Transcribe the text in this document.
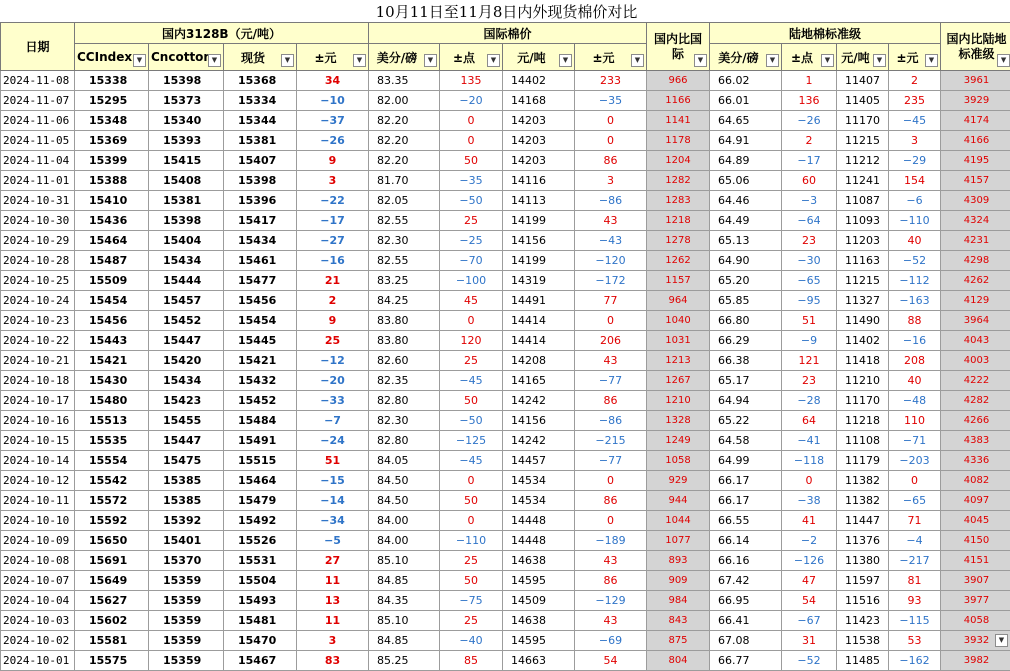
10月11日至11月8日内外现货棉价对比														
日期
▼	国内3128B（元/吨）				国际棉价				国内比国际 ▼	陆地棉标准级				国内比陆地标准级 ▼

	CCIndex ▼	Cncotton ▼	现货 ▼	±元 ▼	美分/磅 ▼	±点 ▼	元/吨 ▼	±元 ▼		美分/磅 ▼	±点 ▼	元/吨 ▼	±元 ▼	

2024-11-08	15338	15398	15368	34	83.35	135	14402	233	966	66.02	1	11407	2	3961
2024-11-07	15295	15373	15334	−10	82.00	−20	14168	−35	1166	66.01	136	11405	235	3929
2024-11-06	15348	15340	15344	−37	82.20	0	14203	0	1141	64.65	−26	11170	−45	4174
2024-11-05	15369	15393	15381	−26	82.20	0	14203	0	1178	64.91	2	11215	3	4166
2024-11-04	15399	15415	15407	9	82.20	50	14203	86	1204	64.89	−17	11212	−29	4195
2024-11-01	15388	15408	15398	3	81.70	−35	14116	3	1282	65.06	60	11241	154	4157
2024-10-31	15410	15381	15396	−22	82.05	−50	14113	−86	1283	64.46	−3	11087	−6	4309
2024-10-30	15436	15398	15417	−17	82.55	25	14199	43	1218	64.49	−64	11093	−110	4324
2024-10-29	15464	15404	15434	−27	82.30	−25	14156	−43	1278	65.13	23	11203	40	4231
2024-10-28	15487	15434	15461	−16	82.55	−70	14199	−120	1262	64.90	−30	11163	−52	4298
2024-10-25	15509	15444	15477	21	83.25	−100	14319	−172	1157	65.20	−65	11215	−112	4262
2024-10-24	15454	15457	15456	2	84.25	45	14491	77	964	65.85	−95	11327	−163	4129
2024-10-23	15456	15452	15454	9	83.80	0	14414	0	1040	66.80	51	11490	88	3964
2024-10-22	15443	15447	15445	25	83.80	120	14414	206	1031	66.29	−9	11402	−16	4043
2024-10-21	15421	15420	15421	−12	82.60	25	14208	43	1213	66.38	121	11418	208	4003
2024-10-18	15430	15434	15432	−20	82.35	−45	14165	−77	1267	65.17	23	11210	40	4222
2024-10-17	15480	15423	15452	−33	82.80	50	14242	86	1210	64.94	−28	11170	−48	4282
2024-10-16	15513	15455	15484	−7	82.30	−50	14156	−86	1328	65.22	64	11218	110	4266
2024-10-15	15535	15447	15491	−24	82.80	−125	14242	−215	1249	64.58	−41	11108	−71	4383
2024-10-14	15554	15475	15515	51	84.05	−45	14457	−77	1058	64.99	−118	11179	−203	4336
2024-10-12	15542	15385	15464	−15	84.50	0	14534	0	929	66.17	0	11382	0	4082
2024-10-11	15572	15385	15479	−14	84.50	50	14534	86	944	66.17	−38	11382	−65	4097
2024-10-10	15592	15392	15492	−34	84.00	0	14448	0	1044	66.55	41	11447	71	4045
2024-10-09	15650	15401	15526	−5	84.00	−110	14448	−189	1077	66.14	−2	11376	−4	4150
2024-10-08	15691	15370	15531	27	85.10	25	14638	43	893	66.16	−126	11380	−217	4151
2024-10-07	15649	15359	15504	11	84.85	50	14595	86	909	67.42	47	11597	81	3907
2024-10-04	15627	15359	15493	13	84.35	−75	14509	−129	984	66.95	54	11516	93	3977
2024-10-03	15602	15359	15481	11	85.10	25	14638	43	843	66.41	−67	11423	−115	4058
2024-10-02	15581	15359	15470	3	84.85	−40	14595	−69	875	67.08	31	11538	53	3932
2024-10-01	15575	15359	15467	83	85.25	85	14663	54	804	66.77	−52	11485	−162	3982
